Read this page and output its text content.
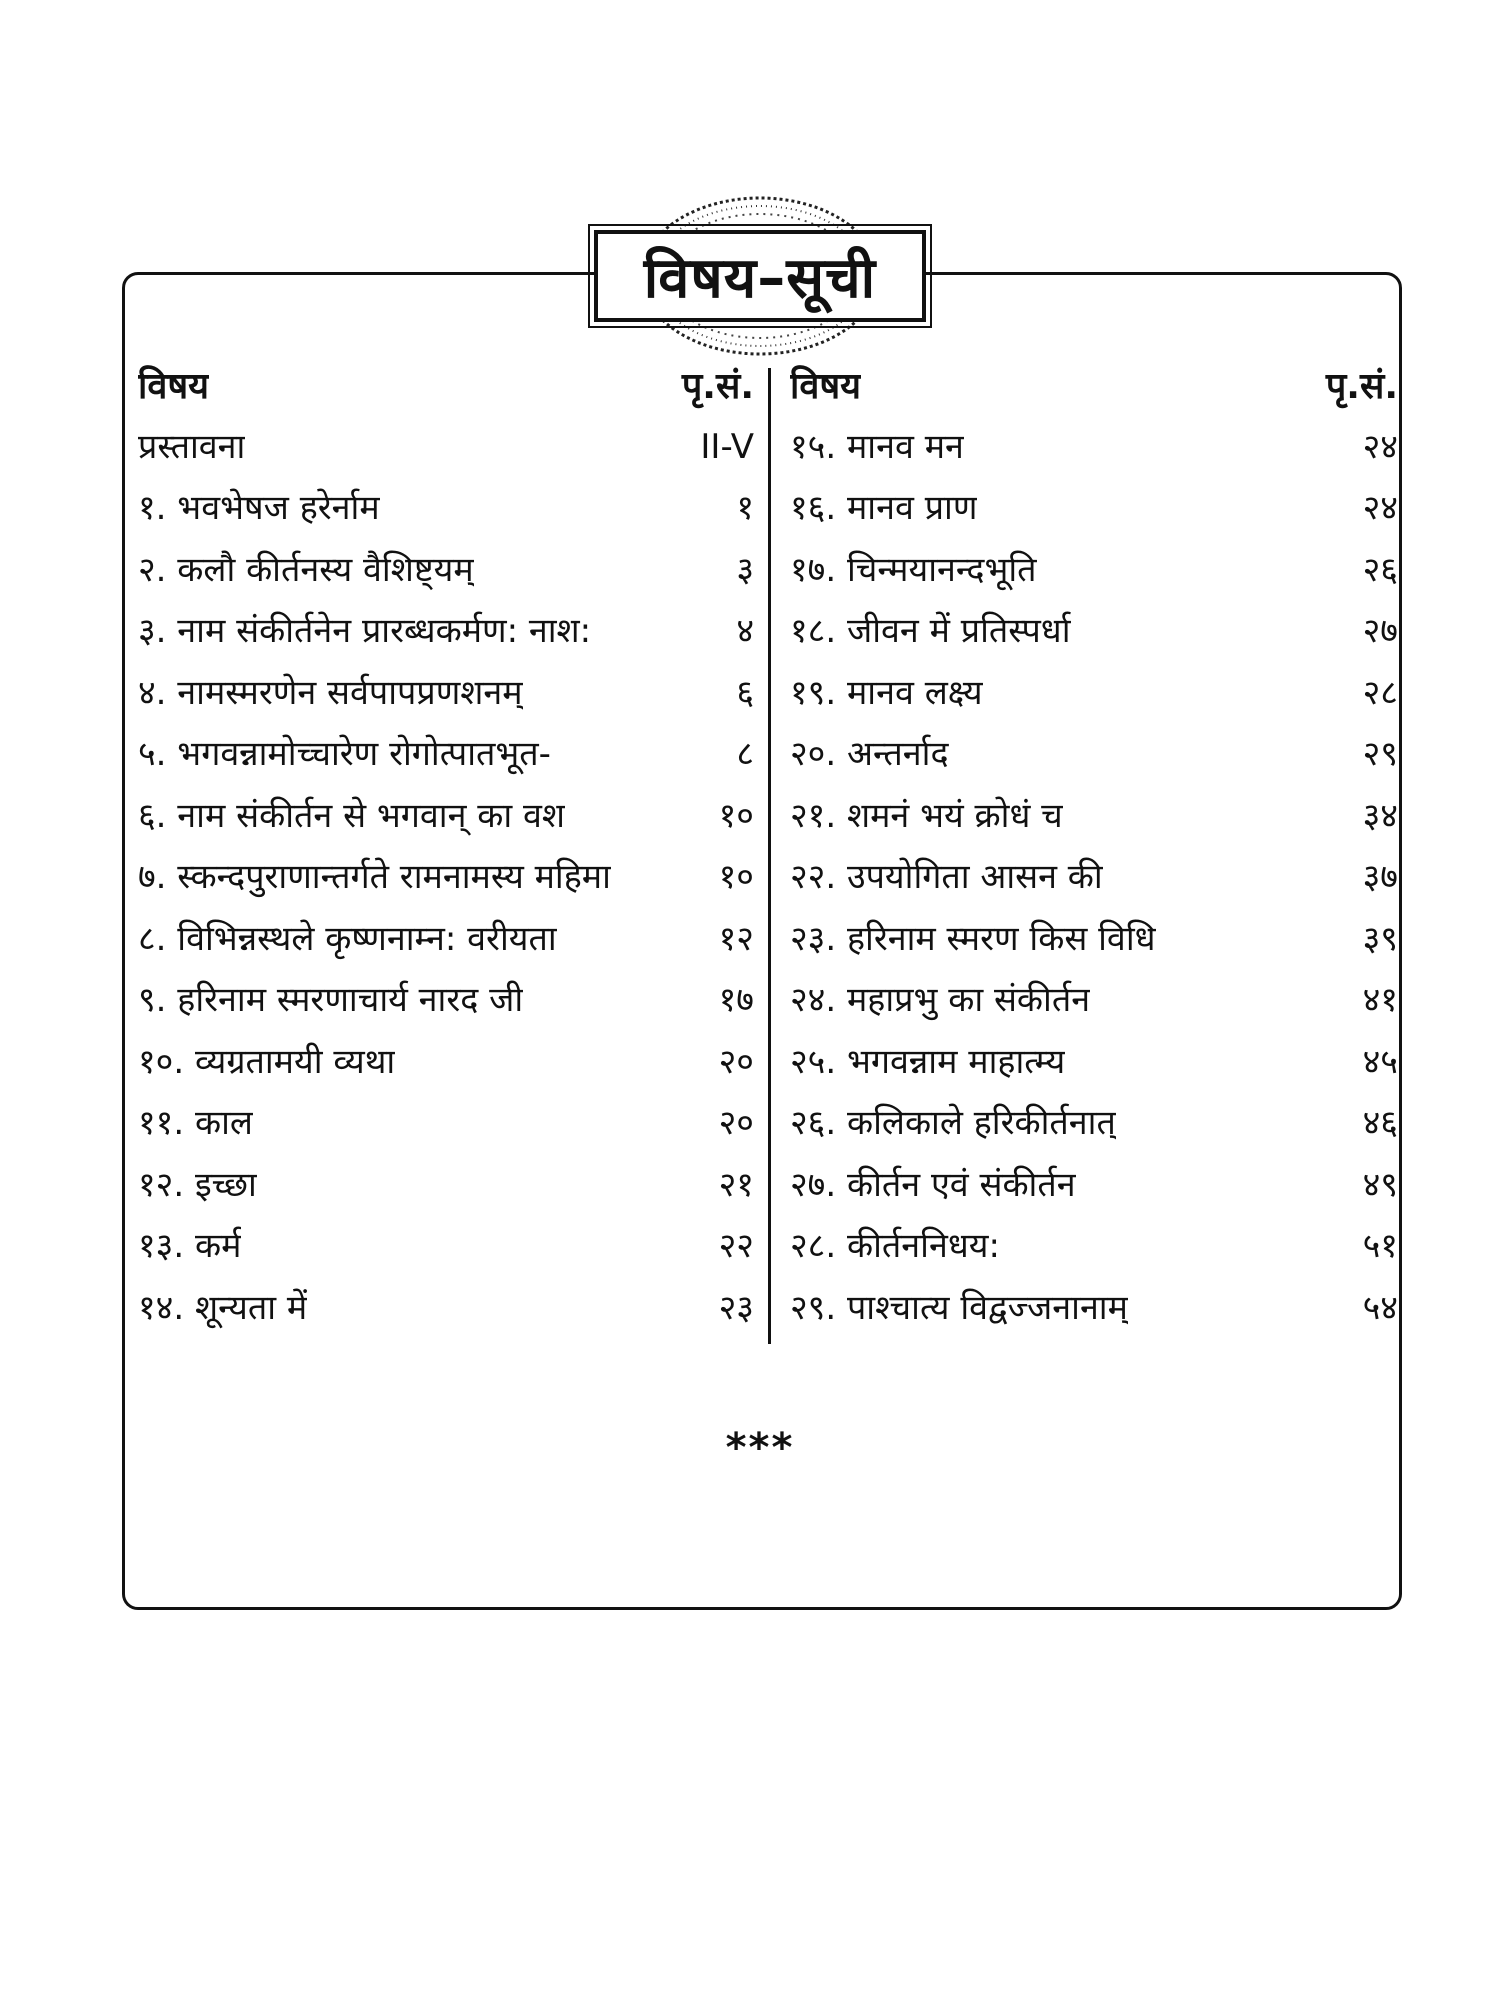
विषय–सूची
विषय	पृ.सं.
प्रस्तावना	II-V
१. भवभेषज हरेर्नाम	१
२. कलौ कीर्तनस्य वैशिष्ट्यम्	३
३. नाम संकीर्तनेन प्रारब्धकर्मण: नाश:	४
४. नामस्मरणेन सर्वपापप्रणशनम्	६
५. भगवन्नामोच्चारेण रोगोत्पातभूत-	८
६. नाम संकीर्तन से भगवान् का वश	१०
७. स्कन्दपुराणान्तर्गते रामनामस्य महिमा	१०
८. विभिन्नस्थले कृष्णनाम्न: वरीयता	१२
९. हरिनाम स्मरणाचार्य नारद जी	१७
१०. व्यग्रतामयी व्यथा	२०
११. काल	२०
१२. इच्छा	२१
१३. कर्म	२२
१४. शून्यता में	२३
विषय	पृ.सं.
१५. मानव मन	२४
१६. मानव प्राण	२४
१७. चिन्मयानन्दभूति	२६
१८. जीवन में प्रतिस्पर्धा	२७
१९. मानव लक्ष्य	२८
२०. अन्तर्नाद	२९
२१. शमनं भयं क्रोधं च	३४
२२. उपयोगिता आसन की	३७
२३. हरिनाम स्मरण किस विधि	३९
२४. महाप्रभु का संकीर्तन	४१
२५. भगवन्नाम माहात्म्य	४५
२६. कलिकाले हरिकीर्तनात्	४६
२७. कीर्तन एवं संकीर्तन	४९
२८. कीर्तननिधय:	५१
२९. पाश्चात्य विद्वज्जनानाम्	५४
***
